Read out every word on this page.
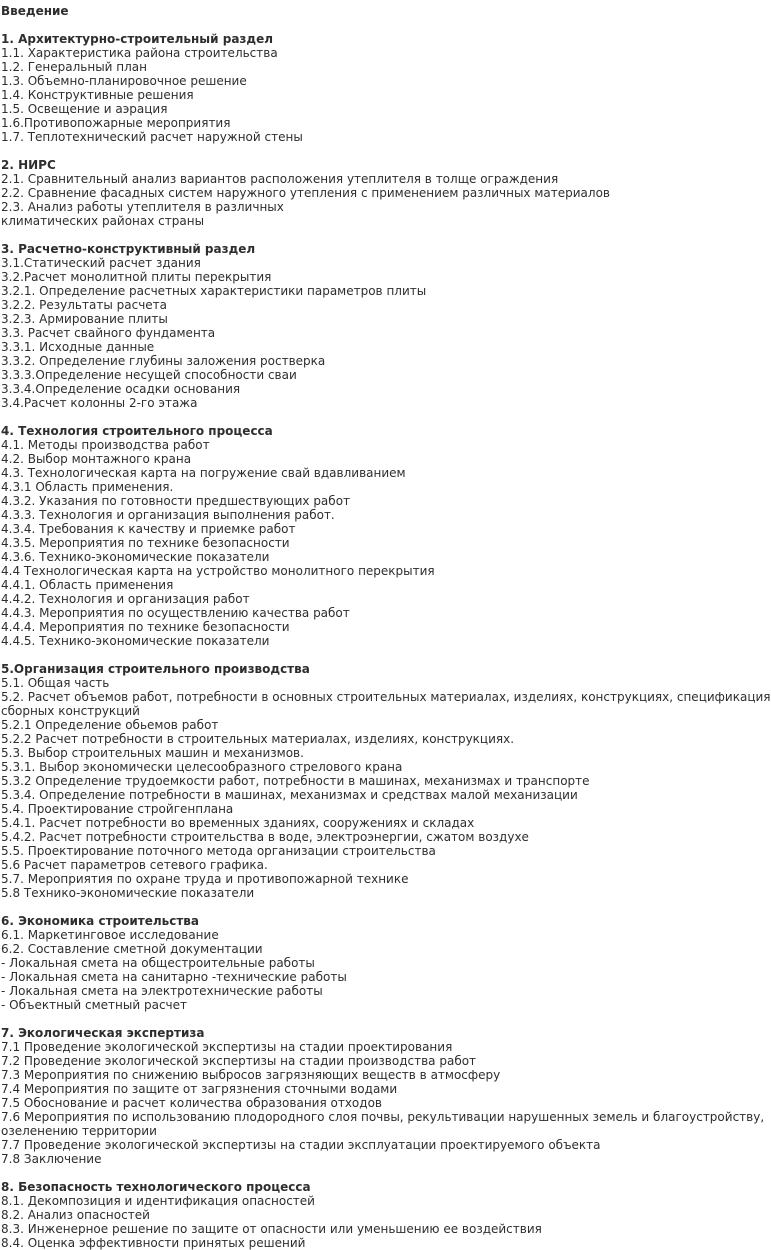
Введение
1. Архитектурно-строительный раздел
1.1. Характеристика района строительства
1.2. Генеральный план
1.3. Объемно-планировочное решение
1.4. Конструктивные решения
1.5. Освещение и аэрация
1.6.Противопожарные мероприятия
1.7. Теплотехнический расчет наружной стены
2. НИРС
2.1. Сравнительный анализ вариантов расположения утеплителя в толще ограждения
2.2. Сравнение фасадных систем наружного утепления с применением различных материалов
2.3. Анализ работы утеплителя в различных
климатических районах страны
3. Расчетно-конструктивный раздел
3.1.Статический расчет здания
3.2.Расчет монолитной плиты перекрытия
3.2.1. Определение расчетных характеристики параметров плиты
3.2.2. Результаты расчета
3.2.3. Армирование плиты
3.3. Расчет свайного фундамента
3.3.1. Исходные данные
3.3.2. Определение глубины заложения ростверка
3.3.3.Определение несущей способности сваи
3.3.4.Определение осадки основания
3.4.Расчет колонны 2-го этажа
4. Технология строительного процесса
4.1. Методы производства работ
4.2. Выбор монтажного крана
4.3. Технологическая карта на погружение свай вдавливанием
4.3.1 Область применения.
4.3.2. Указания по готовности предшествующих работ
4.3.3. Технология и организация выполнения работ.
4.3.4. Требования к качеству и приемке работ
4.3.5. Мероприятия по технике безопасности
4.3.6. Технико-экономические показатели
4.4 Технологическая карта на устройство монолитного перекрытия
4.4.1. Область применения
4.4.2. Технология и организация работ
4.4.3. Мероприятия по осуществлению качества работ
4.4.4. Мероприятия по технике безопасности
4.4.5. Технико-экономические показатели
5.Организация строительного производства
5.1. Общая часть
5.2. Расчет объемов работ, потребности в основных строительных материалах, изделиях, конструкциях, спецификация
сборных конструкций
5.2.1 Определение обьемов работ
5.2.2 Расчет потребности в строительных материалах, изделиях, конструкциях.
5.3. Выбор строительных машин и механизмов.
5.3.1. Выбор экономически целесообразного стрелового крана
5.3.2 Определение трудоемкости работ, потребности в машинах, механизмах и транспорте
5.3.4. Определение потребности в машинах, механизмах и средствах малой механизации
5.4. Проектирование стройгенплана
5.4.1. Расчет потребности во временных зданиях, сооружениях и складах
5.4.2. Расчет потребности строительства в воде, электроэнергии, сжатом воздухе
5.5. Проектирование поточного метода организации строительства
5.6 Расчет параметров сетевого графика.
5.7. Мероприятия по охране труда и противопожарной технике
5.8 Технико-экономические показатели
6. Экономика строительства
6.1. Маркетинговое исследование
6.2. Составление сметной документации
- Локальная смета на общестроительные работы
- Локальная смета на санитарно -технические работы
- Локальная смета на электротехнические работы
- Объектный сметный расчет
7. Экологическая экспертиза
7.1 Проведение экологической экспертизы на стадии проектирования
7.2 Проведение экологической экспертизы на стадии производства работ
7.3 Мероприятия по снижению выбросов загрязняющих веществ в атмосферу
7.4 Мероприятия по защите от загрязнения сточными водами
7.5 Обоснование и расчет количества образования отходов
7.6 Мероприятия по использованию плодородного слоя почвы, рекультивации нарушенных земель и благоустройству,
озеленению территории
7.7 Проведение экологической экспертизы на стадии эксплуатации проектируемого объекта
7.8 Заключение
8. Безопасность технологического процесса
8.1. Декомпозиция и идентификация опасностей
8.2. Анализ опасностей
8.3. Инженерное решение по защите от опасности или уменьшению ее воздействия
8.4. Оценка эффективности принятых решений
